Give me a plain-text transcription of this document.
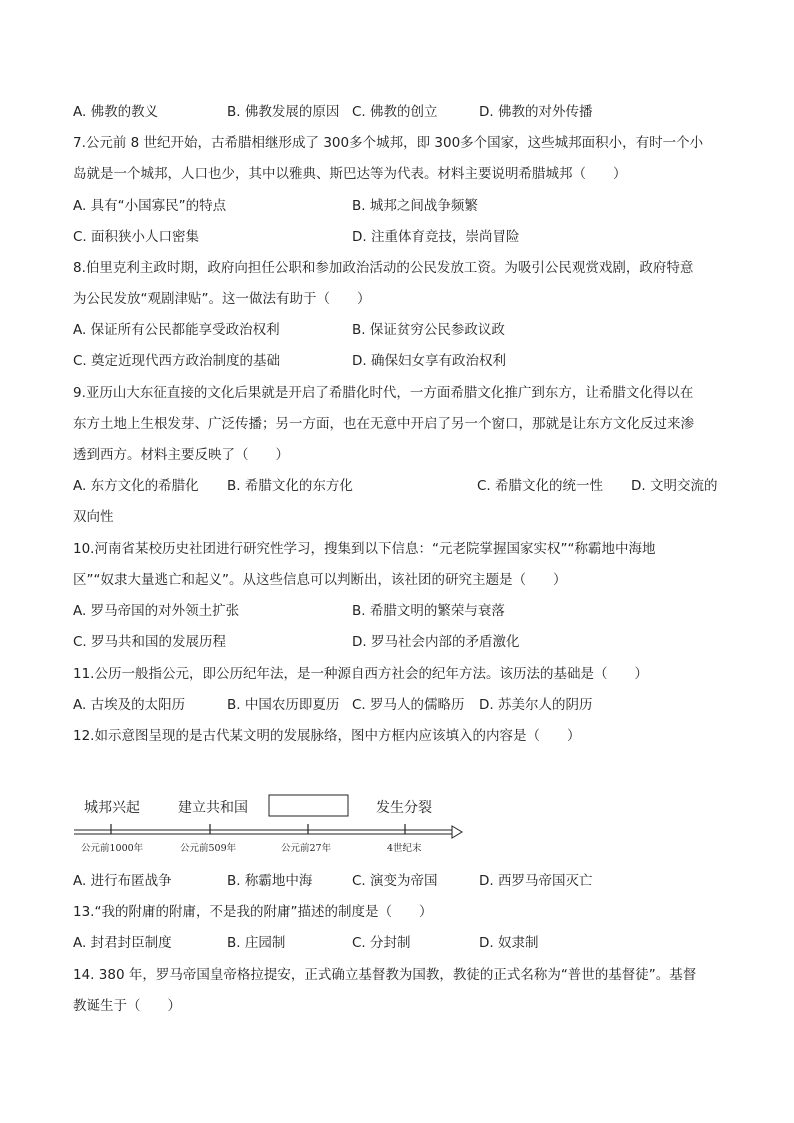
A. 佛教的教义	B. 佛教发展的原因 C. 佛教的创立	D. 佛教的对外传播
7.公元前 8 世纪开始，古希腊相继形成了 300多个城邦，即 300多个国家，这些城邦面积小，有时一个小
岛就是一个城邦，人口也少，其中以雅典、斯巴达等为代表。材料主要说明希腊城邦（　　）
A. 具有“小国寡民”的特点	B. 城邦之间战争频繁
C. 面积狭小人口密集	D. 注重体育竞技，崇尚冒险
8.伯里克利主政时期，政府向担任公职和参加政治活动的公民发放工资。为吸引公民观赏戏剧，政府特意
为公民发放“观剧津贴”。这一做法有助于（　　）
A. 保证所有公民都能享受政治权利	B. 保证贫穷公民参政议政
C. 奠定近现代西方政治制度的基础	D. 确保妇女享有政治权利
9.亚历山大东征直接的文化后果就是开启了希腊化时代，一方面希腊文化推广到东方，让希腊文化得以在
东方土地上生根发芽、广泛传播；另一方面，也在无意中开启了另一个窗口，那就是让东方文化反过来渗
透到西方。材料主要反映了（　　）
A. 东方文化的希腊化 B. 希腊文化的东方化	C. 希腊文化的统一性 D. 文明交流的
双向性
10.河南省某校历史社团进行研究性学习，搜集到以下信息：“元老院掌握国家实权”“称霸地中海地
区”“奴隶大量逃亡和起义”。从这些信息可以判断出，该社团的研究主题是（　　）
A. 罗马帝国的对外领土扩张	B. 希腊文明的繁荣与衰落
C. 罗马共和国的发展历程	D. 罗马社会内部的矛盾激化
11.公历一般指公元，即公历纪年法，是一种源自西方社会的纪年方法。该历法的基础是（　　）
A. 古埃及的太阳历	B. 中国农历即夏历 C. 罗马人的儒略历 D. 苏美尔人的阴历
12.如示意图呈现的是古代某文明的发展脉络，图中方框内应该填入的内容是（　　）
城邦兴起	建立共和国	发生分裂
公元前1000年	公元前509年	公元前27年	4世纪末
A. 进行布匿战争	B. 称霸地中海	C. 演变为帝国	D. 西罗马帝国灭亡
13.“我的附庸的附庸，不是我的附庸”描述的制度是（　　）
A. 封君封臣制度	B. 庄园制	C. 分封制	D. 奴隶制
14. 380 年，罗马帝国皇帝格拉提安，正式确立基督教为国教，教徒的正式名称为“普世的基督徒”。基督
教诞生于（　　）
